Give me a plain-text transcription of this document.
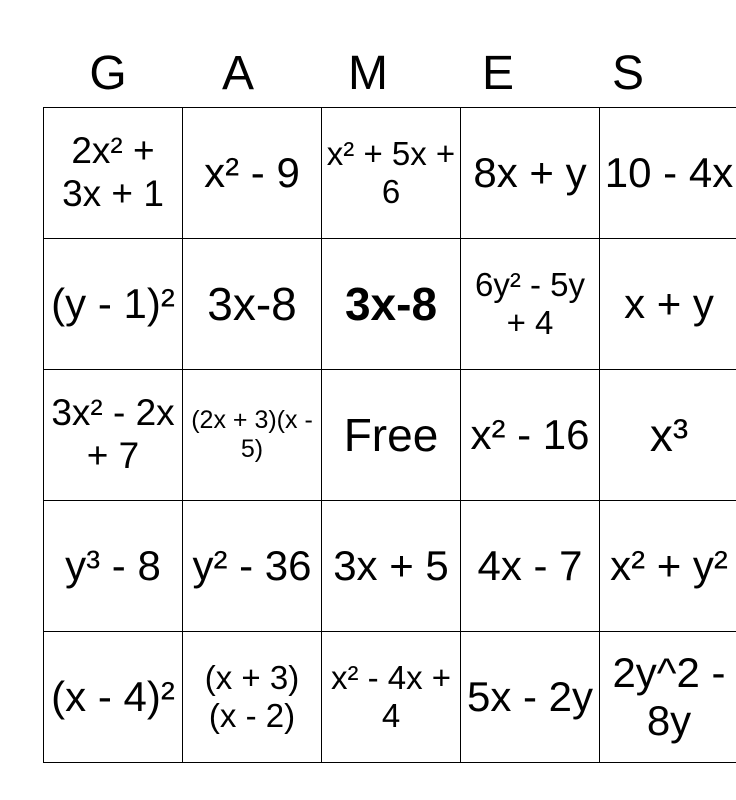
G	A	M	E	S
2x² + 3x + 1	x² - 9	x² + 5x + 6	8x + y	10 - 4x
(y - 1)²	3x-8	3x-8	6y² - 5y + 4	x + y
3x² - 2x + 7	(2x + 3)(x - 5)	Free	x² - 16	x³
y³ - 8	y² - 36	3x + 5	4x - 7	x² + y²
(x - 4)²	(x + 3) (x - 2)	x² - 4x + 4	5x - 2y	2y^2 - 8y
